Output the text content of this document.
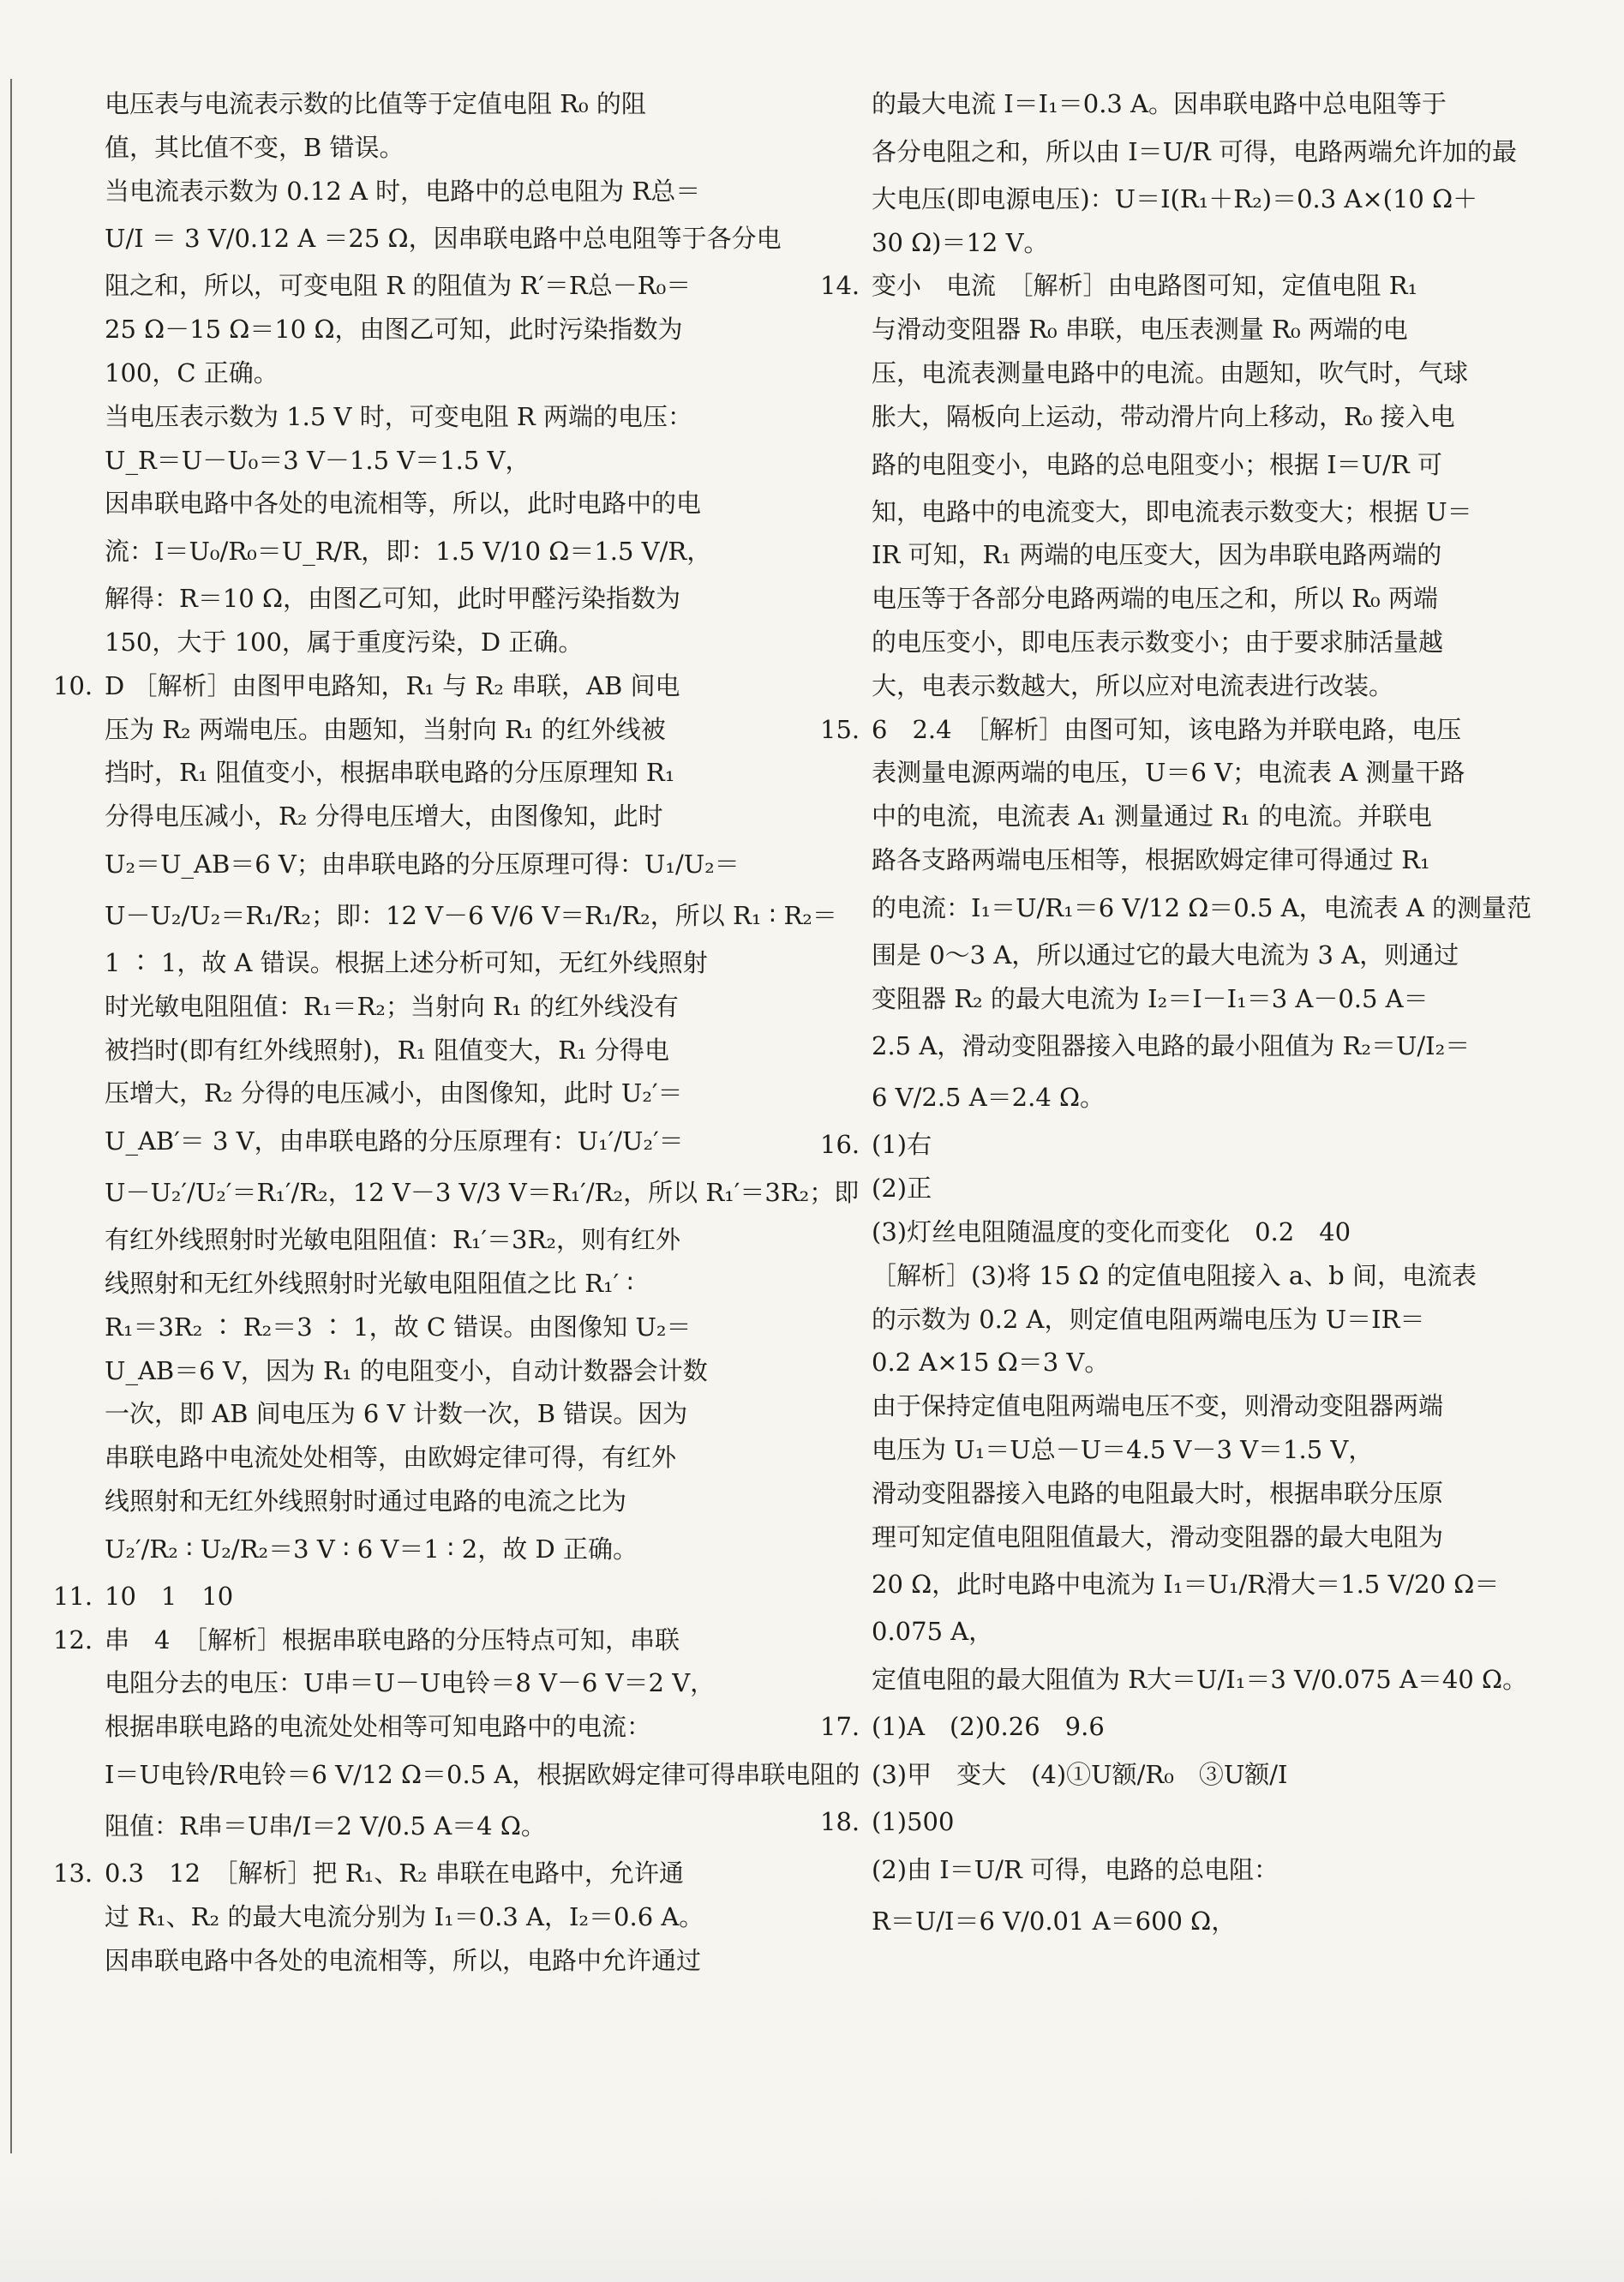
电压表与电流表示数的比值等于定值电阻 R₀ 的阻
值，其比值不变，B 错误。
当电流表示数为 0.12 A 时，电路中的总电阻为 R总＝
U/I ＝ 3 V/0.12 A ＝25 Ω，因串联电路中总电阻等于各分电
阻之和，所以，可变电阻 R 的阻值为 R′＝R总－R₀＝
25 Ω－15 Ω＝10 Ω，由图乙可知，此时污染指数为
100，C 正确。
当电压表示数为 1.5 V 时，可变电阻 R 两端的电压：
U_R＝U－U₀＝3 V－1.5 V＝1.5 V，
因串联电路中各处的电流相等，所以，此时电路中的电
流：I＝U₀/R₀＝U_R/R，即：1.5 V/10 Ω＝1.5 V/R，
解得：R＝10 Ω，由图乙可知，此时甲醛污染指数为
150，大于 100，属于重度污染，D 正确。
10. D ［解析］由图甲电路知，R₁ 与 R₂ 串联，AB 间电
压为 R₂ 两端电压。由题知，当射向 R₁ 的红外线被
挡时，R₁ 阻值变小，根据串联电路的分压原理知 R₁
分得电压减小，R₂ 分得电压增大，由图像知，此时
U₂＝U_AB＝6 V；由串联电路的分压原理可得：U₁/U₂＝
U－U₂/U₂＝R₁/R₂；即：12 V－6 V/6 V＝R₁/R₂，所以 R₁ ∶ R₂＝
1 ∶ 1，故 A 错误。根据上述分析可知，无红外线照射
时光敏电阻阻值：R₁＝R₂；当射向 R₁ 的红外线没有
被挡时(即有红外线照射)，R₁ 阻值变大，R₁ 分得电
压增大，R₂ 分得的电压减小，由图像知，此时 U₂′＝
U_AB′＝ 3 V，由串联电路的分压原理有：U₁′/U₂′＝
U－U₂′/U₂′＝R₁′/R₂，12 V－3 V/3 V＝R₁′/R₂，所以 R₁′＝3R₂；即
有红外线照射时光敏电阻阻值：R₁′＝3R₂，则有红外
线照射和无红外线照射时光敏电阻阻值之比 R₁′ ∶
R₁＝3R₂ ∶ R₂＝3 ∶ 1，故 C 错误。由图像知 U₂＝
U_AB＝6 V，因为 R₁ 的电阻变小，自动计数器会计数
一次，即 AB 间电压为 6 V 计数一次，B 错误。因为
串联电路中电流处处相等，由欧姆定律可得，有红外
线照射和无红外线照射时通过电路的电流之比为
U₂′/R₂ ∶ U₂/R₂＝3 V ∶ 6 V＝1 ∶ 2，故 D 正确。
11. 10　1　10
12. 串　4　［解析］根据串联电路的分压特点可知，串联
电阻分去的电压：U串＝U－U电铃＝8 V－6 V＝2 V，
根据串联电路的电流处处相等可知电路中的电流：
I＝U电铃/R电铃＝6 V/12 Ω＝0.5 A，根据欧姆定律可得串联电阻的
阻值：R串＝U串/I＝2 V/0.5 A＝4 Ω。
13. 0.3　12　［解析］把 R₁、R₂ 串联在电路中，允许通
过 R₁、R₂ 的最大电流分别为 I₁＝0.3 A，I₂＝0.6 A。
因串联电路中各处的电流相等，所以，电路中允许通过
的最大电流 I＝I₁＝0.3 A。因串联电路中总电阻等于
各分电阻之和，所以由 I＝U/R 可得，电路两端允许加的最
大电压(即电源电压)：U＝I(R₁＋R₂)＝0.3 A×(10 Ω＋
30 Ω)＝12 V。
14. 变小　电流　［解析］由电路图可知，定值电阻 R₁
与滑动变阻器 R₀ 串联，电压表测量 R₀ 两端的电
压，电流表测量电路中的电流。由题知，吹气时，气球
胀大，隔板向上运动，带动滑片向上移动，R₀ 接入电
路的电阻变小，电路的总电阻变小；根据 I＝U/R 可
知，电路中的电流变大，即电流表示数变大；根据 U＝
IR 可知，R₁ 两端的电压变大，因为串联电路两端的
电压等于各部分电路两端的电压之和，所以 R₀ 两端
的电压变小，即电压表示数变小；由于要求肺活量越
大，电表示数越大，所以应对电流表进行改装。
15. 6　2.4　［解析］由图可知，该电路为并联电路，电压
表测量电源两端的电压，U＝6 V；电流表 A 测量干路
中的电流，电流表 A₁ 测量通过 R₁ 的电流。并联电
路各支路两端电压相等，根据欧姆定律可得通过 R₁
的电流：I₁＝U/R₁＝6 V/12 Ω＝0.5 A，电流表 A 的测量范
围是 0～3 A，所以通过它的最大电流为 3 A，则通过
变阻器 R₂ 的最大电流为 I₂＝I－I₁＝3 A－0.5 A＝
2.5 A，滑动变阻器接入电路的最小阻值为 R₂＝U/I₂＝
6 V/2.5 A＝2.4 Ω。
16. (1)右
(2)正
(3)灯丝电阻随温度的变化而变化　0.2　40
［解析］(3)将 15 Ω 的定值电阻接入 a、b 间，电流表
的示数为 0.2 A，则定值电阻两端电压为 U＝IR＝
0.2 A×15 Ω＝3 V。
由于保持定值电阻两端电压不变，则滑动变阻器两端
电压为 U₁＝U总－U＝4.5 V－3 V＝1.5 V，
滑动变阻器接入电路的电阻最大时，根据串联分压原
理可知定值电阻阻值最大，滑动变阻器的最大电阻为
20 Ω，此时电路中电流为 I₁＝U₁/R滑大＝1.5 V/20 Ω＝
0.075 A，
定值电阻的最大阻值为 R大＝U/I₁＝3 V/0.075 A＝40 Ω。
17. (1)A　(2)0.26　9.6
(3)甲　变大　(4)①U额/R₀　③U额/I
18. (1)500
(2)由 I＝U/R 可得，电路的总电阻：
R＝U/I＝6 V/0.01 A＝600 Ω，
